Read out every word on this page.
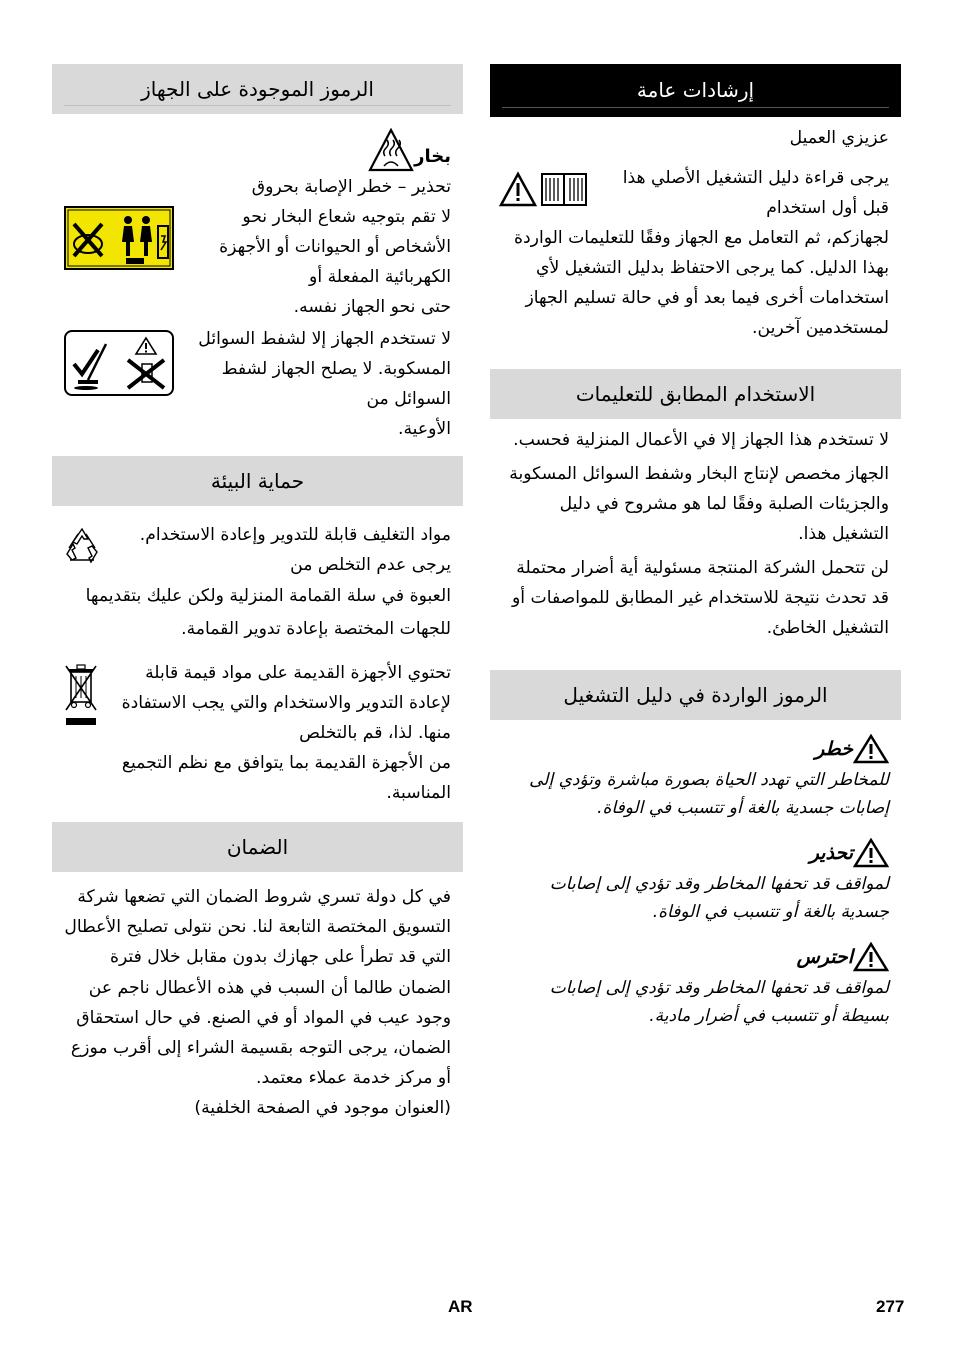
إرشادات عامة

عزيزي العميل

يرجى قراءة دليل التشغيل الأصلي هذا قبل أول استخدام

لجهازكم، ثم التعامل مع الجهاز وفقًا للتعليمات الواردة بهذا الدليل. كما يرجى الاحتفاظ بدليل التشغيل لأي استخدامات أخرى فيما بعد أو في حالة تسليم الجهاز لمستخدمين آخرين.

الاستخدام المطابق للتعليمات

لا تستخدم هذا الجهاز إلا في الأعمال المنزلية فحسب.

الجهاز مخصص لإنتاج البخار وشفط السوائل المسكوبة والجزيئات الصلبة وفقًا لما هو مشروح في دليل التشغيل هذا.

لن تتحمل الشركة المنتجة مسئولية أية أضرار محتملة قد تحدث نتيجة للاستخدام غير المطابق للمواصفات أو التشغيل الخاطئ.

الرموز الواردة في دليل التشغيل
خطر

للمخاطر التي تهدد الحياة بصورة مباشرة وتؤدي إلى إصابات جسدية بالغة أو تتسبب في الوفاة.

تحذير

لمواقف قد تحفها المخاطر وقد تؤدي إلى إصابات جسدية بالغة أو تتسبب في الوفاة.

احترس

لمواقف قد تحفها المخاطر وقد تؤدي إلى إصابات بسيطة أو تتسبب في أضرار مادية.

الرموز الموجودة على الجهاز
بخار

تحذير – خطر الإصابة بحروق

لا تقم بتوجيه شعاع البخار نحو الأشخاص أو الحيوانات أو الأجهزة الكهربائية المفعلة أو

حتى نحو الجهاز نفسه.

لا تستخدم الجهاز إلا لشفط السوائل المسكوبة. لا يصلح الجهاز لشفط السوائل من

الأوعية.

حماية البيئة
مواد التغليف قابلة للتدوير وإعادة الاستخدام. يرجى عدم التخلص من

العبوة في سلة القمامة المنزلية ولكن عليك بتقديمها للجهات المختصة بإعادة تدوير القمامة.

تحتوي الأجهزة القديمة على مواد قيمة قابلة لإعادة التدوير والاستخدام والتي يجب الاستفادة منها. لذا، قم بالتخلص

من الأجهزة القديمة بما يتوافق مع نظم التجميع المناسبة.

الضمان

في كل دولة تسري شروط الضمان التي تضعها شركة التسويق المختصة التابعة لنا. نحن نتولى تصليح الأعطال التي قد تطرأ على جهازك بدون مقابل خلال فترة الضمان طالما أن السبب في هذه الأعطال ناجم عن وجود عيب في المواد أو في الصنع. في حال استحقاق الضمان، يرجى التوجه بقسيمة الشراء إلى أقرب موزع أو مركز خدمة عملاء معتمد.

(العنوان موجود في الصفحة الخلفية)

AR	277
